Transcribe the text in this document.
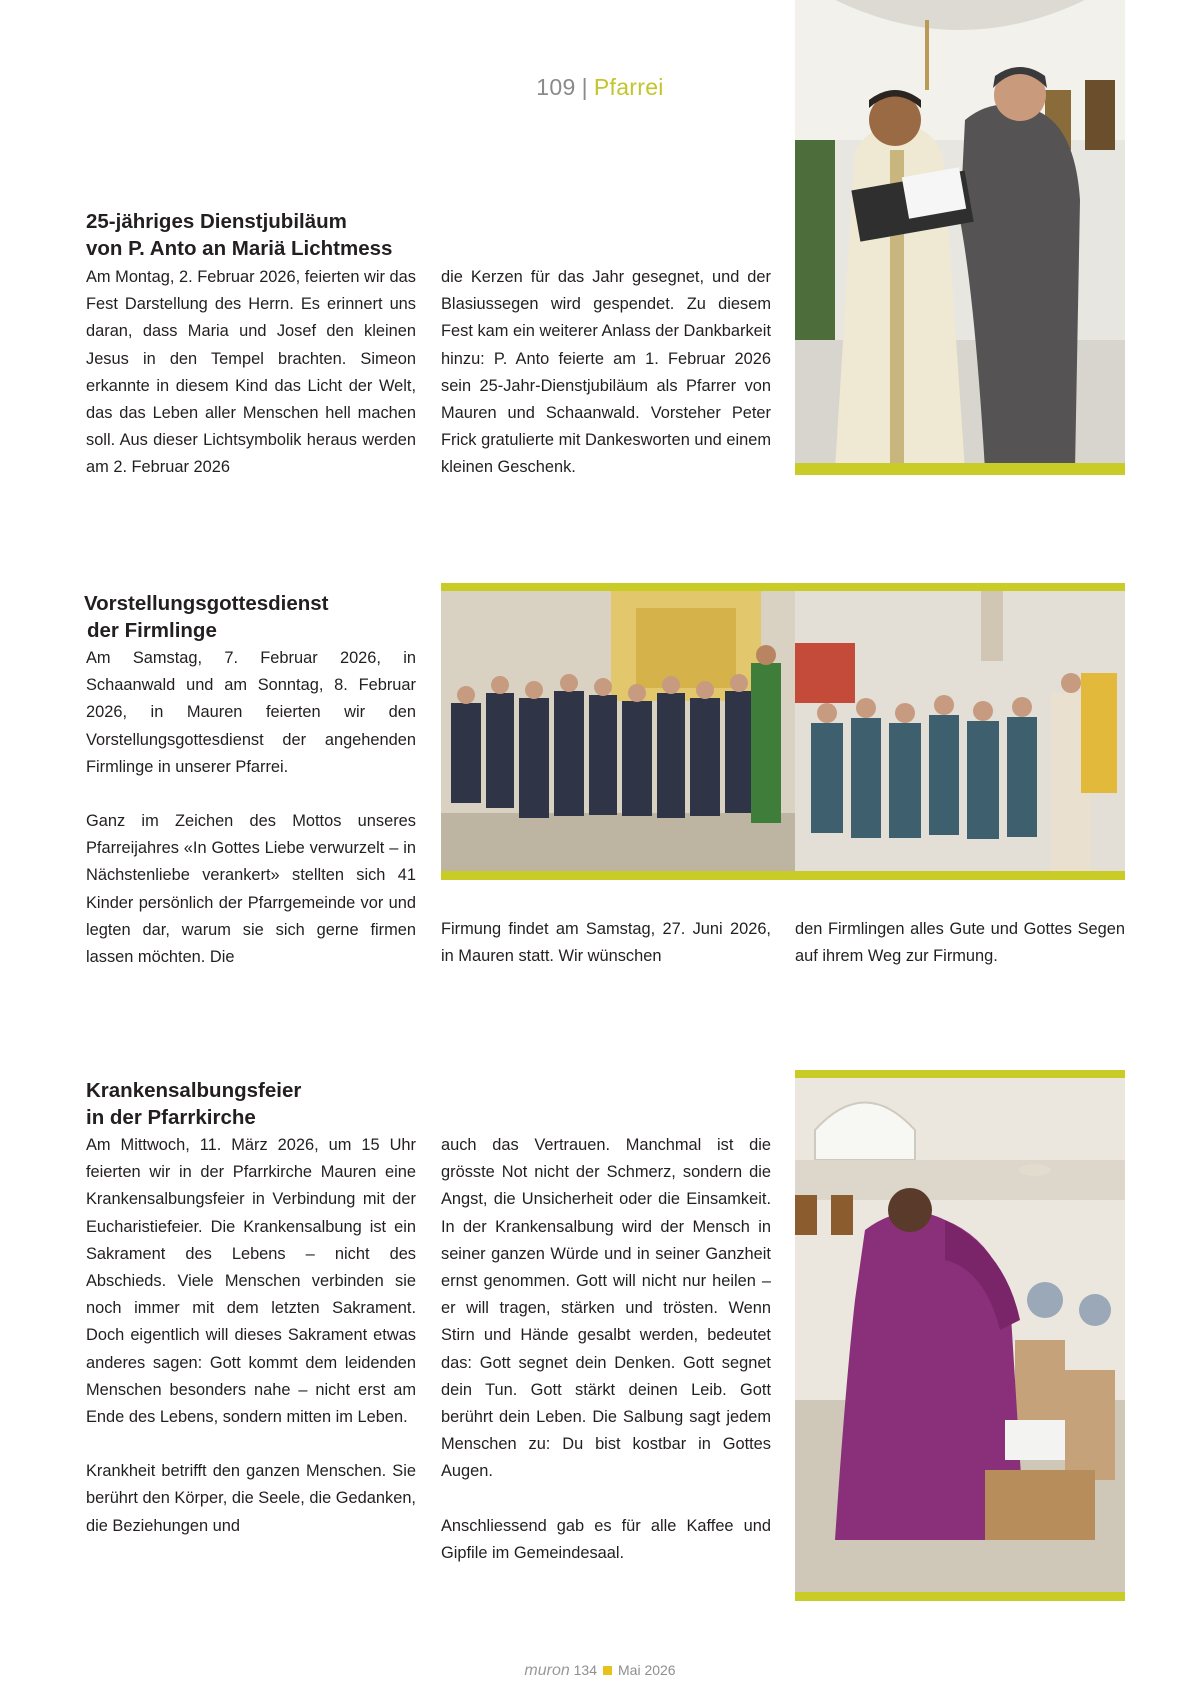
109 | Pfarrei
25-jähriges Dienstjubiläum
von P. Anto an Mariä Lichtmess
Am Montag, 2. Februar 2026, feierten wir das Fest Darstellung des Herrn. Es erinnert uns daran, dass Maria und Josef den kleinen Jesus in den Tempel brachten. Simeon erkannte in diesem Kind das Licht der Welt, das das Leben aller Menschen hell machen soll. Aus dieser Lichtsymbolik heraus werden am 2. Februar 2026
die Kerzen für das Jahr gesegnet, und der Blasiussegen wird gespendet. Zu diesem Fest kam ein weiterer Anlass der Dankbarkeit hinzu: P. Anto feierte am 1. Februar 2026 sein 25-Jahr-Dienstjubiläum als Pfarrer von Mauren und Schaanwald. Vorsteher Peter Frick gratulierte mit Dankesworten und einem kleinen Geschenk.
Vorstellungsgottesdienst
der Firmlinge

Am Samstag, 7. Februar 2026, in Schaanwald und am Sonntag, 8. Februar 2026, in Mauren feierten wir den Vorstellungsgottesdienst der angehenden Firmlinge in unserer Pfarrei.

Ganz im Zeichen des Mottos unseres Pfarreijahres «In Gottes Liebe verwurzelt – in Nächstenliebe verankert» stellten sich 41 Kinder persönlich der Pfarrgemeinde vor und legten dar, warum sie sich gerne firmen lassen möchten. Die

Firmung findet am Samstag, 27. Juni 2026, in Mauren statt. Wir wünschen
den Firmlingen alles Gute und Gottes Segen auf ihrem Weg zur Firmung.
Krankensalbungsfeier
in der Pfarrkirche

Am Mittwoch, 11. März 2026, um 15 Uhr feierten wir in der Pfarrkirche Mauren eine Krankensalbungsfeier in Verbindung mit der Eucharistiefeier. Die Krankensalbung ist ein Sakrament des Lebens – nicht des Abschieds. Viele Menschen verbinden sie noch immer mit dem letzten Sakrament. Doch eigentlich will dieses Sakrament etwas anderes sagen: Gott kommt dem leidenden Menschen besonders nahe – nicht erst am Ende des Lebens, sondern mitten im Leben.

Krankheit betrifft den ganzen Menschen. Sie berührt den Körper, die Seele, die Gedanken, die Beziehungen und

auch das Vertrauen. Manchmal ist die grösste Not nicht der Schmerz, sondern die Angst, die Unsicherheit oder die Einsamkeit. In der Krankensalbung wird der Mensch in seiner ganzen Würde und in seiner Ganzheit ernst genommen. Gott will nicht nur heilen – er will tragen, stärken und trösten. Wenn Stirn und Hände gesalbt werden, bedeutet das: Gott segnet dein Denken. Gott segnet dein Tun. Gott stärkt deinen Leib. Gott berührt dein Leben. Die Salbung sagt jedem Menschen zu: Du bist kostbar in Gottes Augen.

Anschliessend gab es für alle Kaffee und Gipfile im Gemeindesaal.

muron 134 Mai 2026
